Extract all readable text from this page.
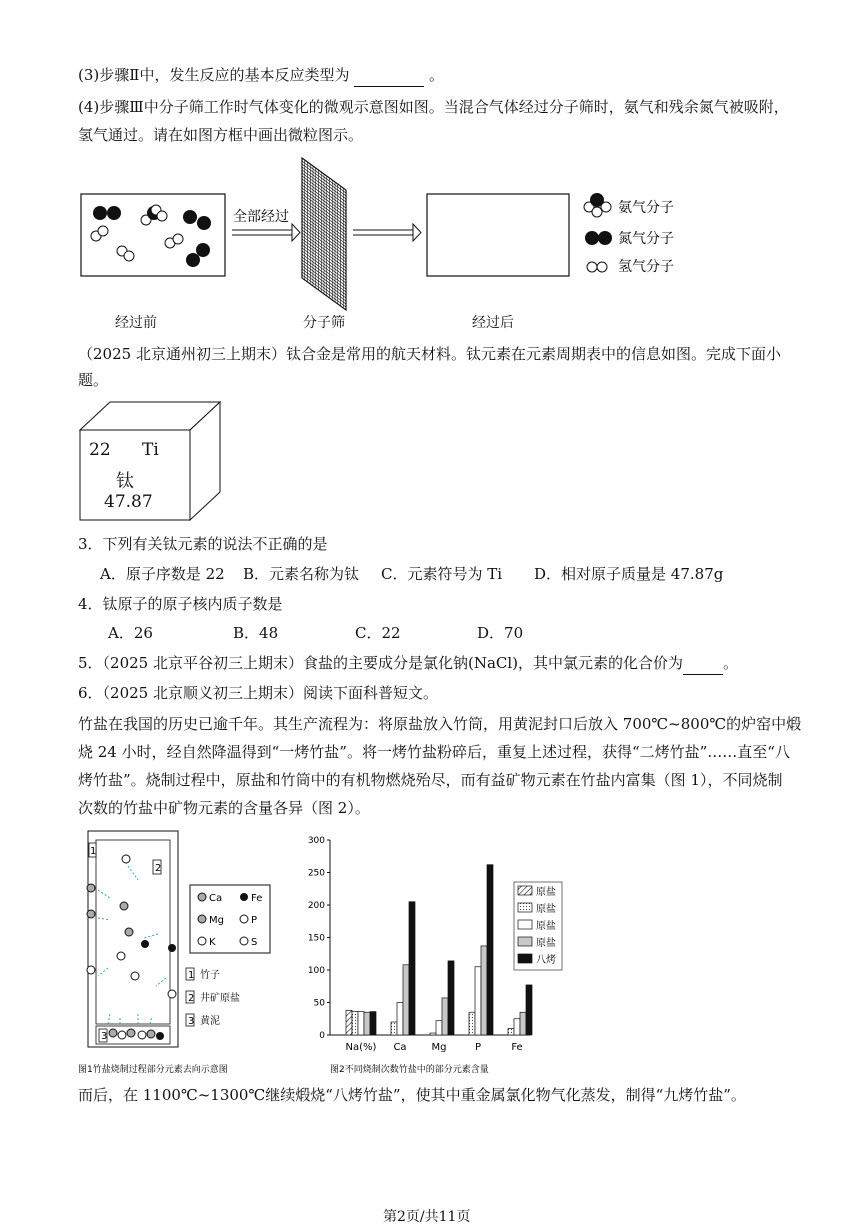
(3)步骤Ⅱ中，发生反应的基本反应类型为	。
(4)步骤Ⅲ中分子筛工作时气体变化的微观示意图如图。当混合气体经过分子筛时，氨气和残余氮气被吸附，
氢气通过。请在如图方框中画出微粒图示。
全部经过
氨气分子
氮气分子
氢气分子
经过前	分子筛	经过后
（2025 北京通州初三上期末）钛合金是常用的航天材料。钛元素在元素周期表中的信息如图。完成下面小
题。
22 Ti
钛
47.87
3．下列有关钛元素的说法不正确的是
A．原子序数是 22 B．元素名称为钛 C．元素符号为 Ti D．相对原子质量是 47.87g
4．钛原子的原子核内质子数是
A．26	B．48	C．22	D．70
5．（2025 北京平谷初三上期末）食盐的主要成分是氯化钠(NaCl)，其中氯元素的化合价为	。
6．（2025 北京顺义初三上期末）阅读下面科普短文。
竹盐在我国的历史已逾千年。其生产流程为：将原盐放入竹筒，用黄泥封口后放入 700℃~800℃的炉窑中煅
烧 24 小时，经自然降温得到“一烤竹盐”。将一烤竹盐粉碎后，重复上述过程，获得“二烤竹盐”……直至“八
烤竹盐”。烧制过程中，原盐和竹筒中的有机物燃烧殆尽，而有益矿物元素在竹盐内富集（图 1），不同烧制
次数的竹盐中矿物元素的含量各异（图 2）。
1
2
3
Ca	Fe
Mg	P
K	S
1 竹子
2 井矿原盐
3 黄泥
图1竹盐烧制过程部分元素去向示意图
0
50
100
150
200
250
300
Na(%) Ca Mg	P	Fe
原盐
原盐
原盐
原盐
八烤
图2不同烧制次数竹盐中的部分元素含量
而后，在 1100℃~1300℃继续煅烧“八烤竹盐”，使其中重金属氯化物气化蒸发，制得“九烤竹盐”。
第2页/共11页
